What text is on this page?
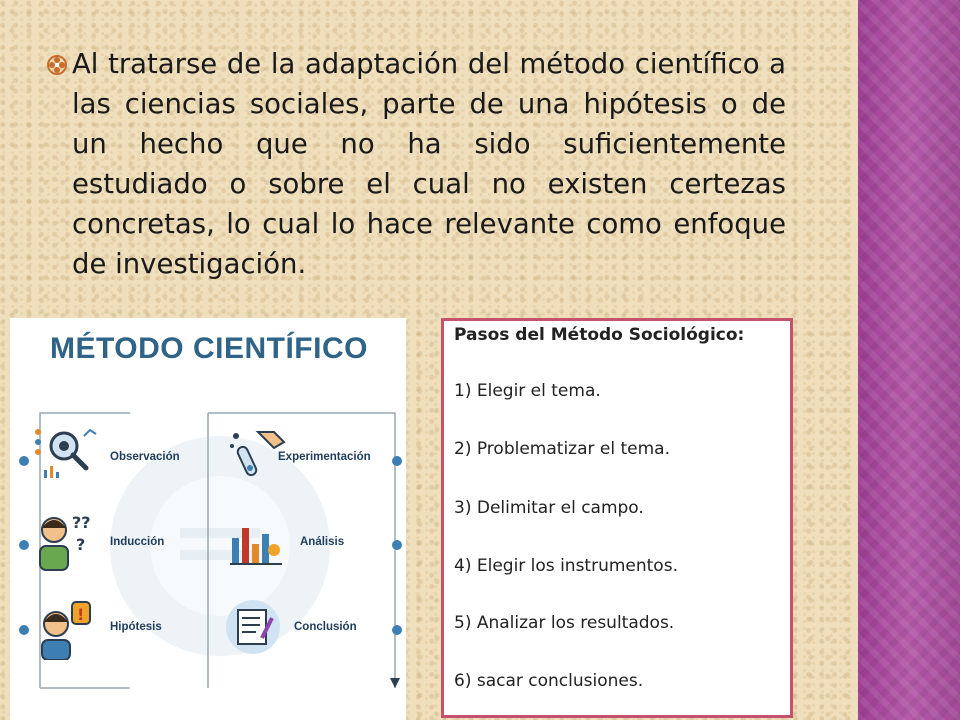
Al tratarse de la adaptación del método científico a las ciencias sociales, parte de una hipótesis o de un hecho que no ha sido suficientemente estudiado o sobre el cual no existen certezas concretas, lo cual lo hace relevante como enfoque de investigación.
MÉTODO CIENTÍFICO
??
?
!
Observación
Inducción
Hipótesis
Experimentación
Análisis
Conclusión
Pasos del Método Sociológico:
1) Elegir el tema.
2) Problematizar el tema.
3) Delimitar el campo.
4) Elegir los instrumentos.
5) Analizar los resultados.
6) sacar conclusiones.
